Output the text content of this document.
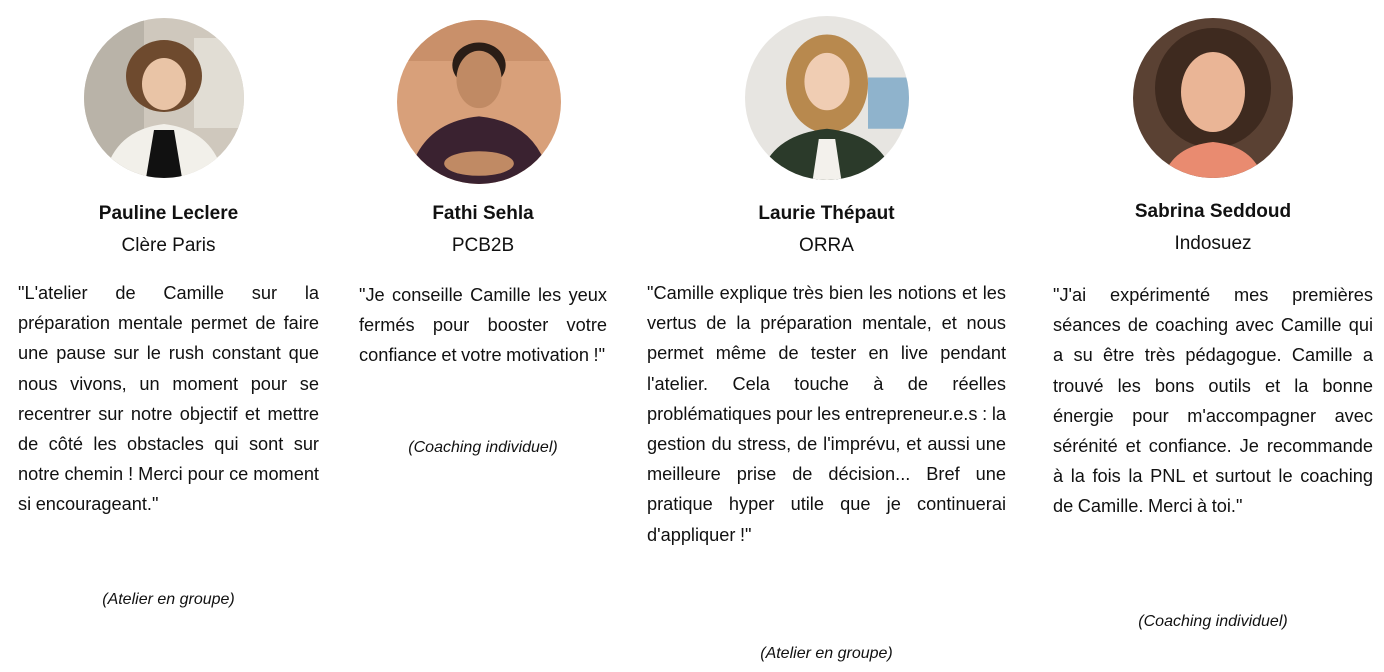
Pauline Leclere
Clère Paris

"L'atelier de Camille sur la préparation mentale permet de faire une pause sur le rush constant que nous vivons, un moment pour se recentrer sur notre objectif et mettre de côté les obstacles qui sont sur notre chemin ! Merci pour ce moment si encourageant."

(Atelier en groupe)
Fathi Sehla
PCB2B

"Je conseille Camille les yeux fermés pour booster votre confiance et votre motivation !"

(Coaching individuel)
Laurie Thépaut
ORRA

"Camille explique très bien les notions et les vertus de la préparation mentale, et nous permet même de tester en live pendant l'atelier. Cela touche à de réelles problématiques pour les entrepreneur.e.s : la gestion du stress, de l'imprévu, et aussi une meilleure prise de décision... Bref une pratique hyper utile que je continuerai d'appliquer !"

(Atelier en groupe)
Sabrina Seddoud
Indosuez

"J'ai expérimenté mes premières séances de coaching avec Camille qui a su être très pédagogue. Camille a trouvé les bons outils et la bonne énergie pour m'accompagner avec sérénité et confiance. Je recommande à la fois la PNL et surtout le coaching de Camille. Merci à toi."

(Coaching individuel)
